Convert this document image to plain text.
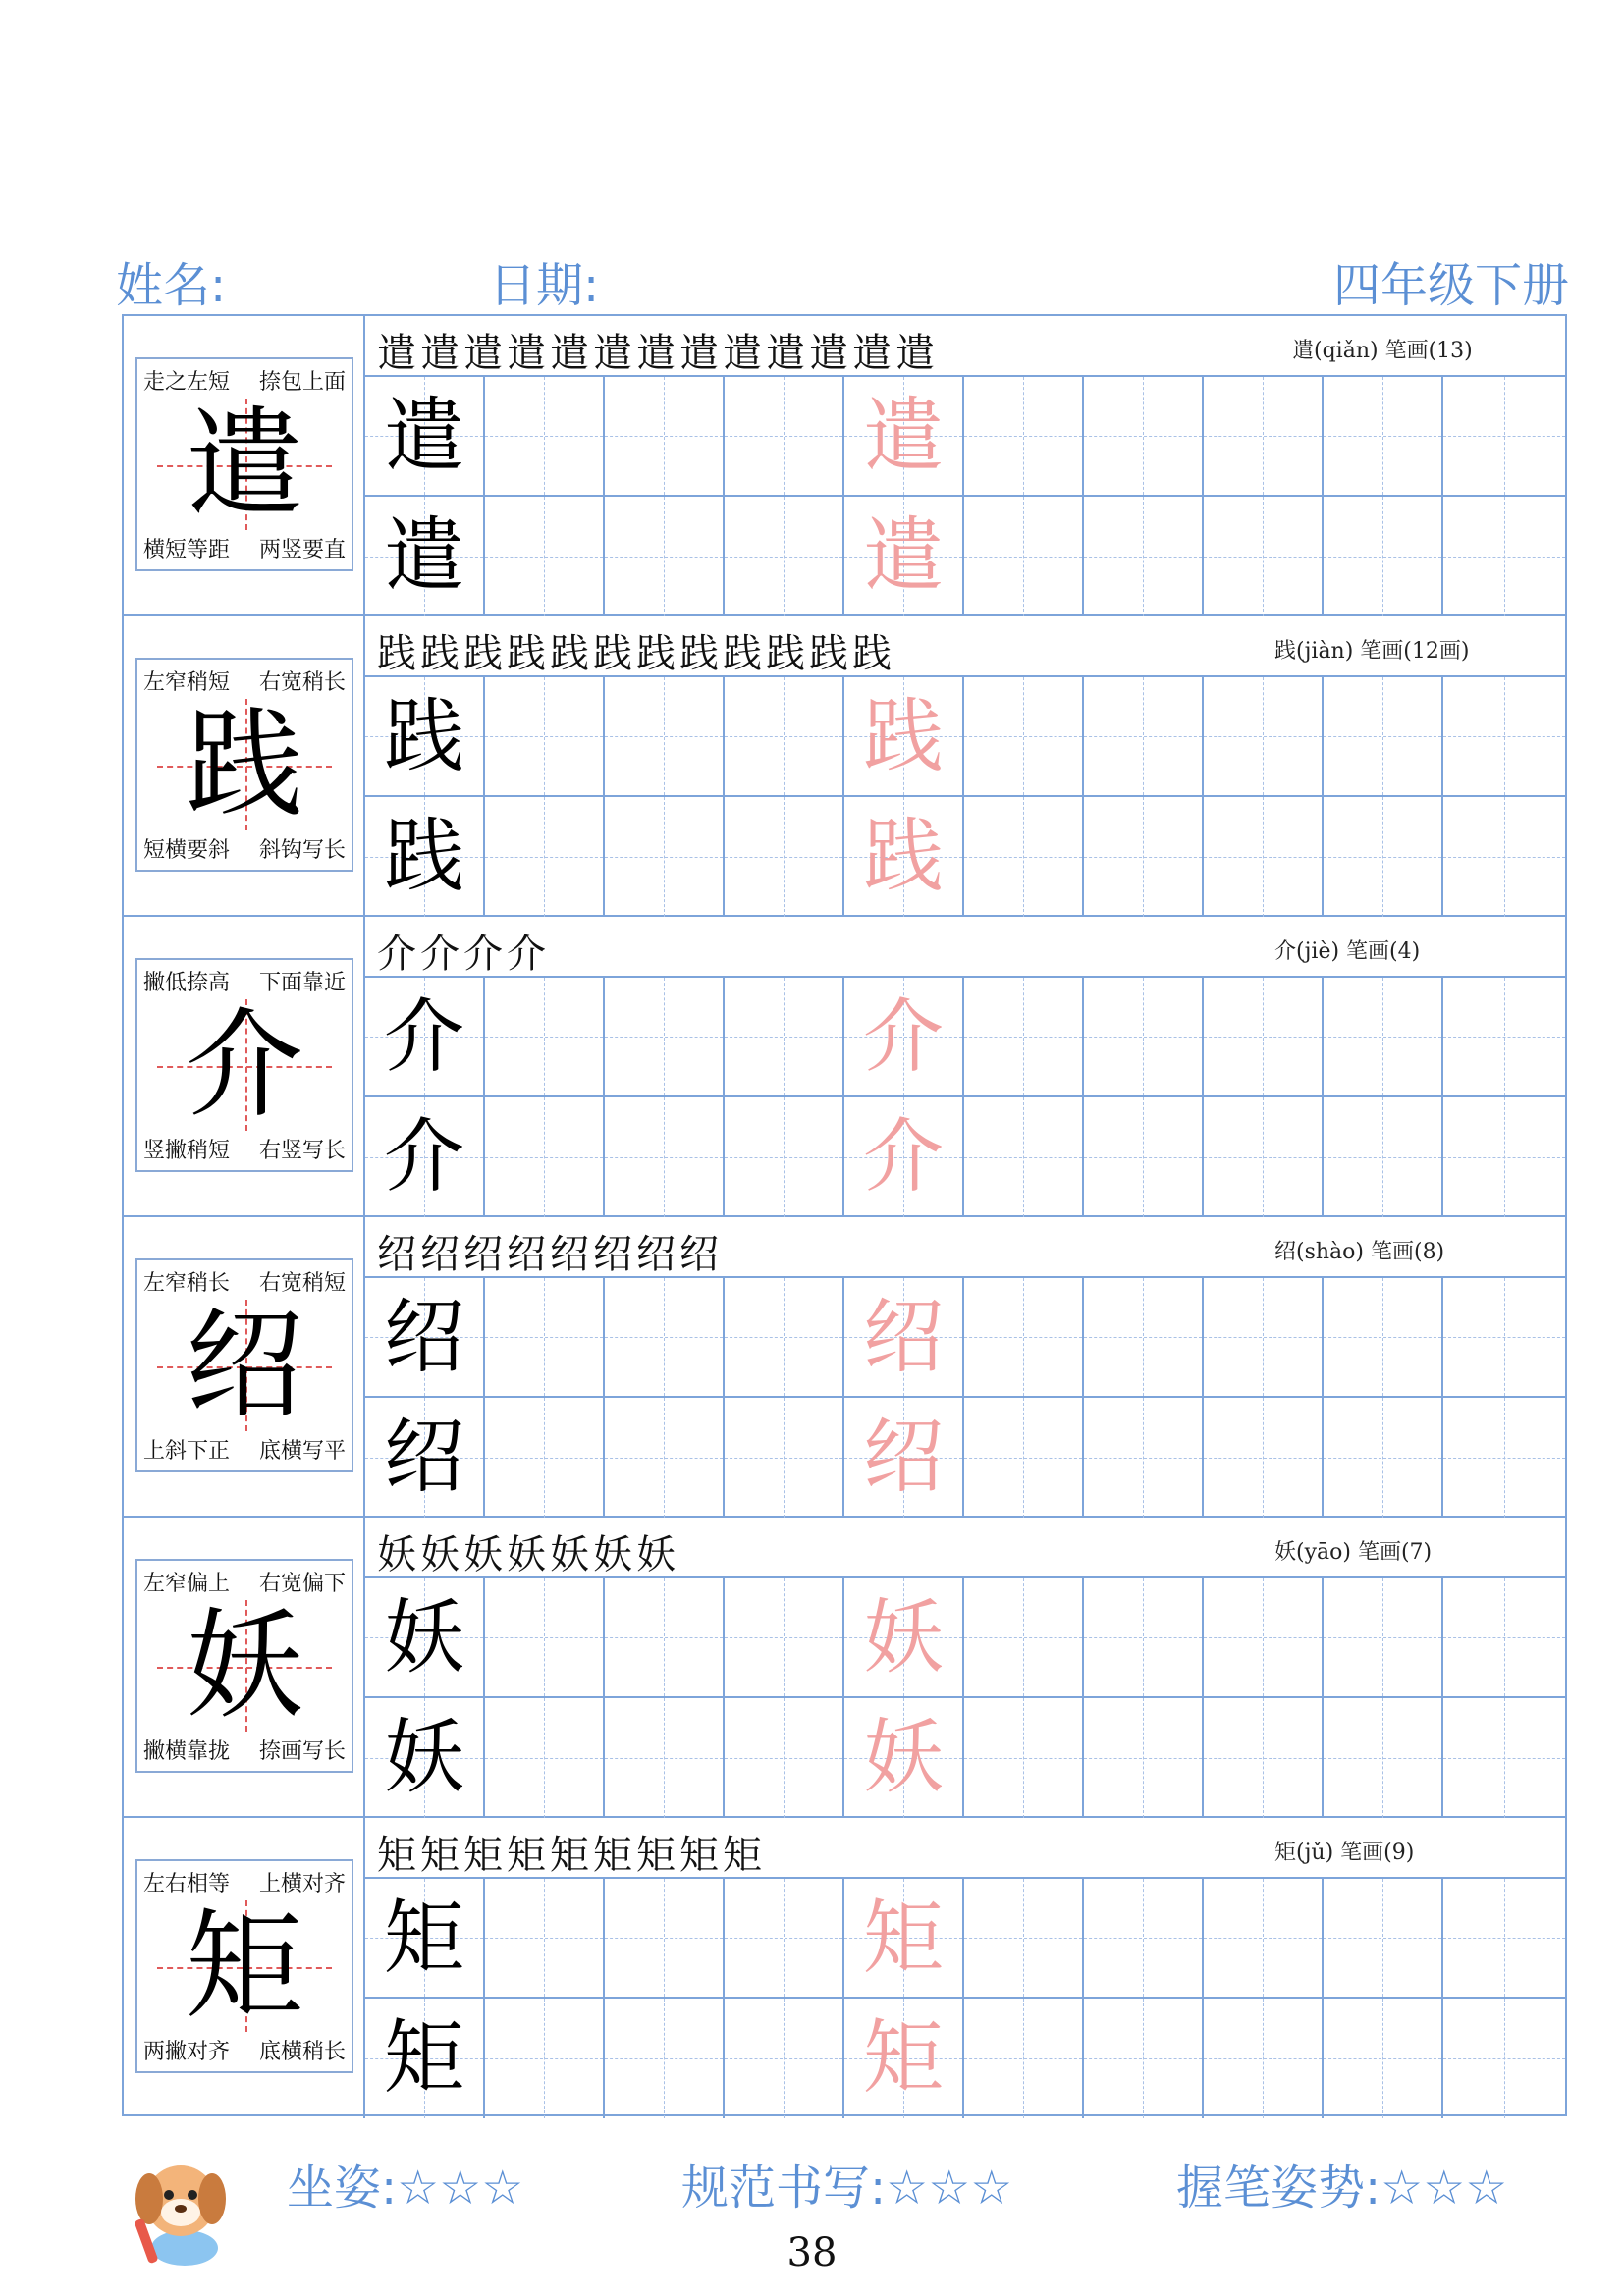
姓名:	日期:	四年级下册
走之左短 捺包上面
遣
横短等距 两竖要直
遣遣遣遣遣遣遣遣遣遣遣遣遣	遣(qiǎn) 笔画(13)
遣	遣
遣	遣
左窄稍短 右宽稍长
践
短横要斜 斜钩写长
践践践践践践践践践践践践	践(jiàn) 笔画(12画)
践	践
践	践
撇低捺高 下面靠近
介
竖撇稍短 右竖写长
介介介介	介(jiè) 笔画(4)
介	介
介	介
左窄稍长 右宽稍短
绍
上斜下正 底横写平
绍绍绍绍绍绍绍绍	绍(shào) 笔画(8)
绍	绍
绍	绍
左窄偏上 右宽偏下
妖
撇横靠拢 捺画写长
妖妖妖妖妖妖妖	妖(yāo) 笔画(7)
妖	妖
妖	妖
左右相等 上横对齐
矩
两撇对齐 底横稍长
矩矩矩矩矩矩矩矩矩	矩(jǔ) 笔画(9)
矩	矩
矩	矩
坐姿:☆☆☆	规范书写:☆☆☆	握笔姿势:☆☆☆
38
